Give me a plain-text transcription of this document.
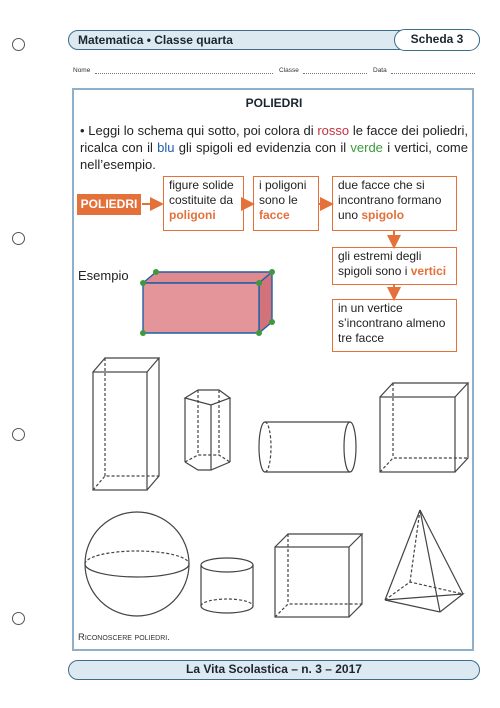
Matematica • Classe quarta	Scheda 3
Nome	Classe	Data
POLIEDRI
• Leggi lo schema qui sotto, poi colora di rosso le facce dei poliedri, ricalca con il blu gli spigoli ed evidenzia con il verde i vertici, come nell’esempio.
POLIEDRI
figure solide costituite da poligoni
i poligoni sono le facce
due facce che si incontrano formano uno spigolo
gli estremi degli spigoli sono i vertici
in un vertice s’incontrano almeno tre facce
Esempio
Riconoscere poliedri.
La Vita Scolastica – n. 3 – 2017
